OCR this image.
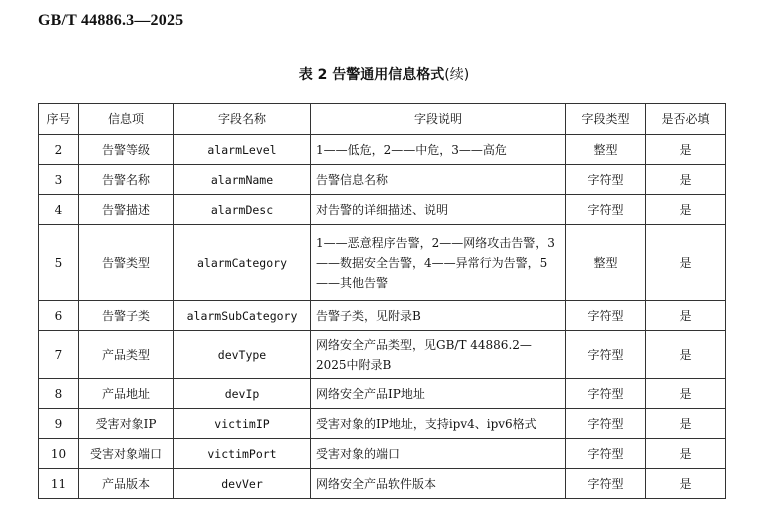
GB/T 44886.3—2025
表 2 告警通用信息格式(续)
序号	信息项	字段名称	字段说明	字段类型	是否必填
2	告警等级	alarmLevel	1——低危，2——中危，3——高危	整型	是
3	告警名称	alarmName	告警信息名称	字符型	是
4	告警描述	alarmDesc	对告警的详细描述、说明	字符型	是
5	告警类型	alarmCategory	1——恶意程序告警，2——网络攻击告警，3——数据安全告警，4——异常行为告警，5——其他告警	整型	是
6	告警子类	alarmSubCategory	告警子类，见附录B	字符型	是
7	产品类型	devType	网络安全产品类型，见GB/T 44886.2—2025中附录B	字符型	是
8	产品地址	devIp	网络安全产品IP地址	字符型	是
9	受害对象IP	victimIP	受害对象的IP地址，支持ipv4、ipv6格式	字符型	是
10	受害对象端口	victimPort	受害对象的端口	字符型	是
11	产品版本	devVer	网络安全产品软件版本	字符型	是
